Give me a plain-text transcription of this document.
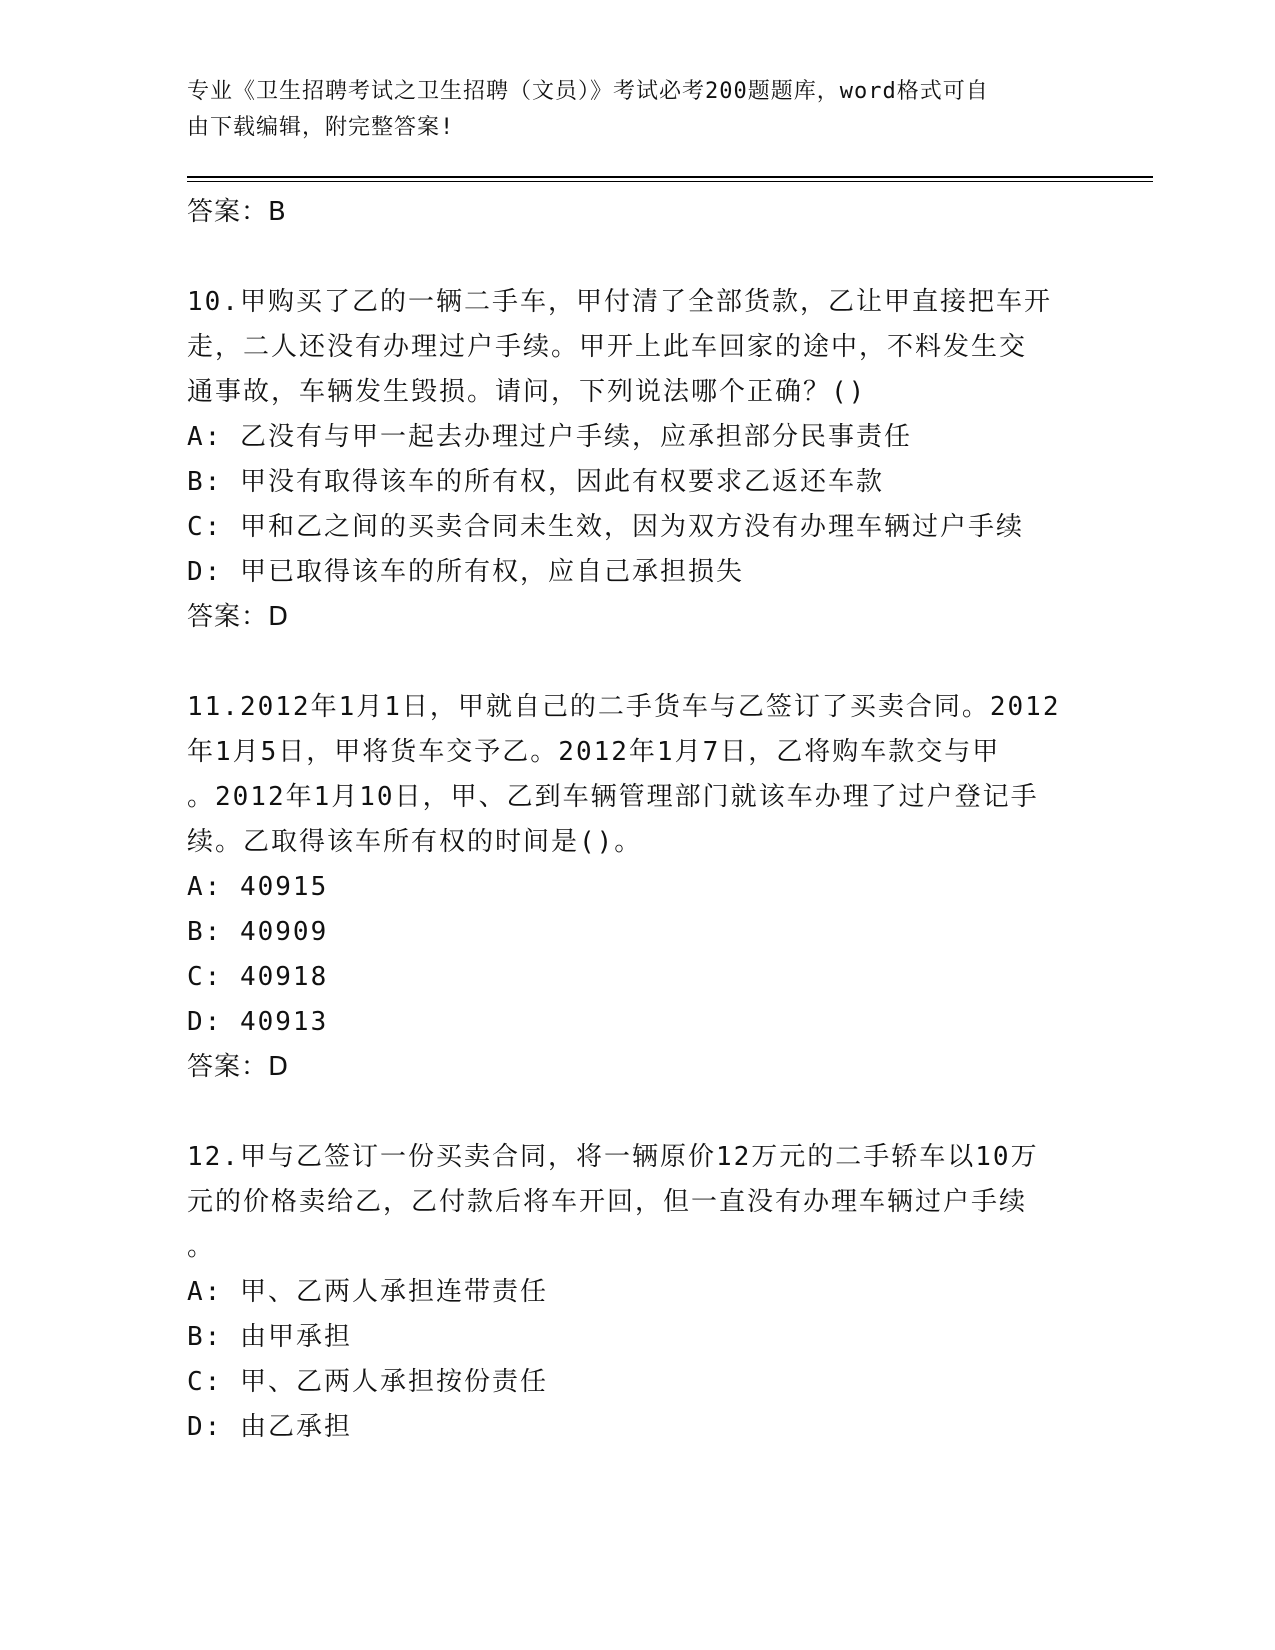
专业《卫生招聘考试之卫生招聘（文员）》考试必考200题题库，word格式可自
由下载编辑，附完整答案!
答案：B
10.甲购买了乙的一辆二手车，甲付清了全部货款，乙让甲直接把车开
走，二人还没有办理过户手续。甲开上此车回家的途中，不料发生交
通事故，车辆发生毁损。请问，下列说法哪个正确？()
A: 乙没有与甲一起去办理过户手续，应承担部分民事责任
B: 甲没有取得该车的所有权，因此有权要求乙返还车款
C: 甲和乙之间的买卖合同未生效，因为双方没有办理车辆过户手续
D: 甲已取得该车的所有权，应自己承担损失
答案：D
11.2012年1月1日，甲就自己的二手货车与乙签订了买卖合同。2012
年1月5日，甲将货车交予乙。2012年1月7日，乙将购车款交与甲
。2012年1月10日，甲、乙到车辆管理部门就该车办理了过户登记手
续。乙取得该车所有权的时间是()。
A: 40915
B: 40909
C: 40918
D: 40913
答案：D
12.甲与乙签订一份买卖合同，将一辆原价12万元的二手轿车以10万
元的价格卖给乙，乙付款后将车开回，但一直没有办理车辆过户手续
。
A: 甲、乙两人承担连带责任
B: 由甲承担
C: 甲、乙两人承担按份责任
D: 由乙承担
